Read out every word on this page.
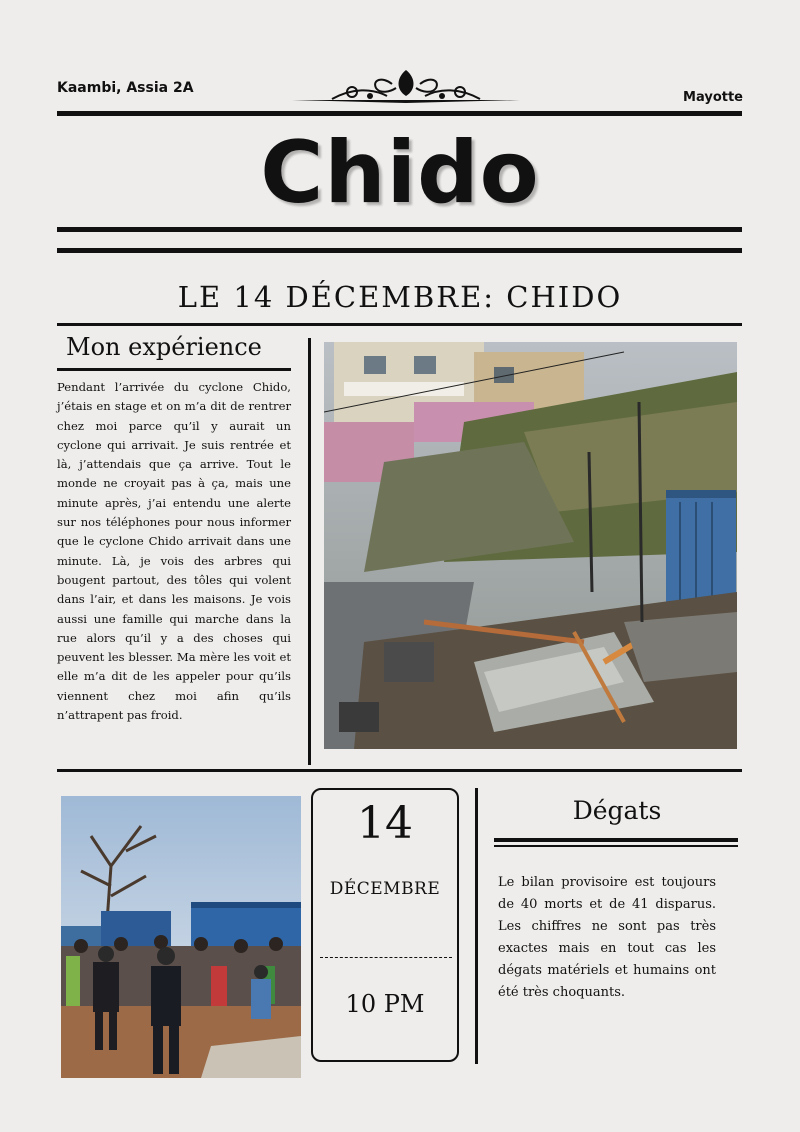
Kaambi, Assia 2A
Mayotte
Chido
LE 14 DÉCEMBRE: CHIDO
Mon expérience

Pendant l’arrivée du cyclone Chido, j’étais en stage et on m’a dit de rentrer chez moi parce qu’il y aurait un cyclone qui arrivait. Je suis rentrée et là, j’attendais que ça arrive. Tout le monde ne croyait pas à ça, mais une minute après, j’ai entendu une alerte sur nos téléphones pour nous informer que le cyclone Chido arrivait dans une minute. Là, je vois des arbres qui bougent partout, des tôles qui volent dans l’air, et dans les maisons. Je vois aussi une famille qui marche dans la rue alors qu’il y a des choses qui peuvent les blesser. Ma mère les voit et elle m’a dit de les appeler pour qu’ils viennent chez moi afin qu’ils n’attrapent pas froid.

14
DÉCEMBRE
10 PM
Dégats

Le bilan provisoire est toujours de 40 morts et de 41 disparus. Les chiffres ne sont pas très exactes mais en tout cas les dégats matériels et humains ont été très choquants.
